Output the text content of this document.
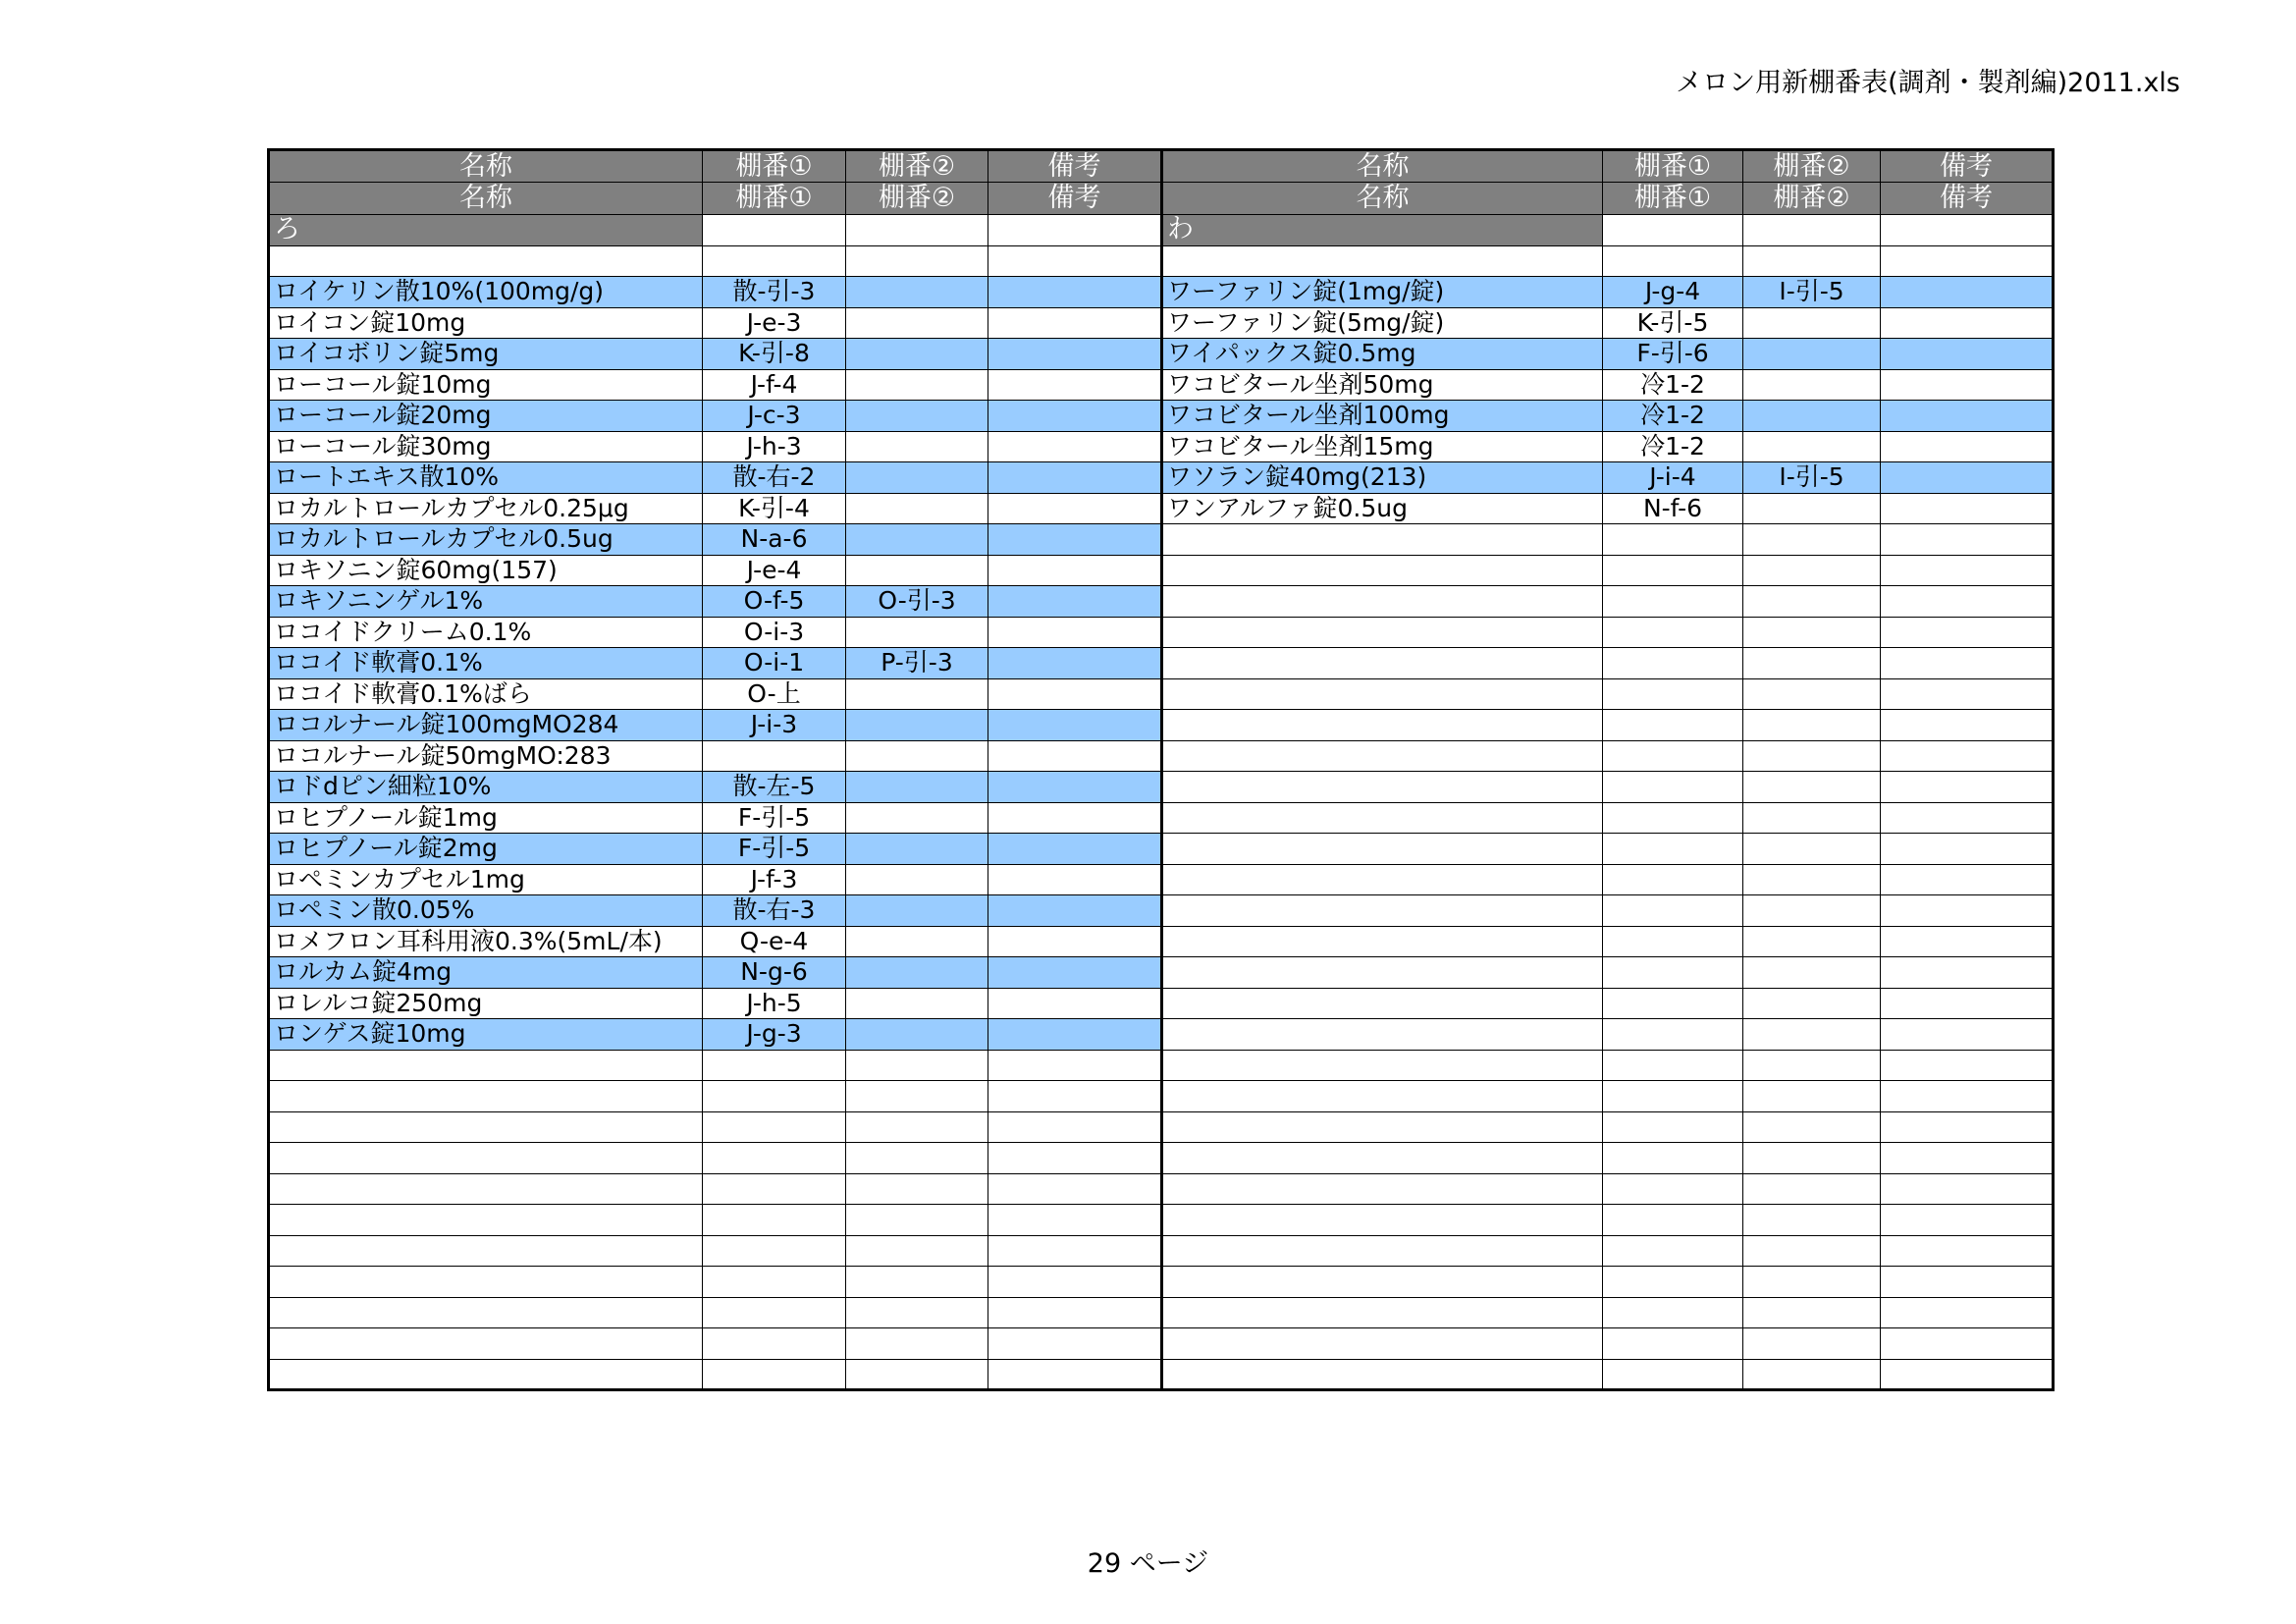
メロン用新棚番表(調剤・製剤編)2011.xls
名称	棚番①	棚番②	備考
名称	棚番①	棚番②	備考
ろ			

ロイケリン散10%(100mg/g)	散-引-3		
ロイコン錠10mg	J-e-3		
ロイコボリン錠5mg	K-引-8		
ローコール錠10mg	J-f-4		
ローコール錠20mg	J-c-3		
ローコール錠30mg	J-h-3		
ロートエキス散10%	散-右-2		
ロカルトロールカプセル0.25μg	K-引-4		
ロカルトロールカプセル0.5ug	N-a-6		
ロキソニン錠60mg(157)	J-e-4		
ロキソニンゲル1%	O-f-5	O-引-3	
ロコイドクリーム0.1%	O-i-3		
ロコイド軟膏0.1%	O-i-1	P-引-3	
ロコイド軟膏0.1%ばら	O-上		
ロコルナール錠100mgMO284	J-i-3		
ロコルナール錠50mgMO:283			
ロドdピン細粒10%	散-左-5		
ロヒプノール錠1mg	F-引-5		
ロヒプノール錠2mg	F-引-5		
ロペミンカプセル1mg	J-f-3		
ロペミン散0.05%	散-右-3		
ロメフロン耳科用液0.3%(5mL/本)	Q-e-4		
ロルカム錠4mg	N-g-6		
ロレルコ錠250mg	J-h-5		
ロンゲス錠10mg	J-g-3		

名称	棚番①	棚番②	備考
名称	棚番①	棚番②	備考
わ			

ワーファリン錠(1mg/錠)	J-g-4	I-引-5	
ワーファリン錠(5mg/錠)	K-引-5		
ワイパックス錠0.5mg	F-引-6		
ワコビタール坐剤50mg	冷1-2		
ワコビタール坐剤100mg	冷1-2		
ワコビタール坐剤15mg	冷1-2		
ワソラン錠40mg(213)	J-i-4	I-引-5	
ワンアルファ錠0.5ug	N-f-6		

29 ページ
